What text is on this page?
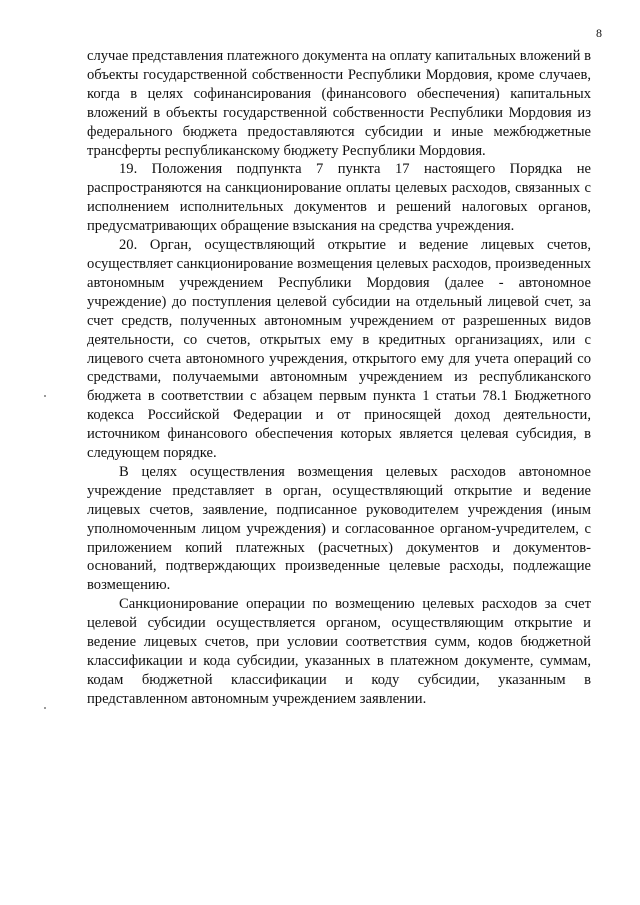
8

случае представления платежного документа на оплату капитальных вложений в объекты государственной собственности Республики Мордовия, кроме случаев, когда в целях софинансирования (финансового обеспечения) капитальных вложений в объекты государственной собственности Республики Мордовия из федерального бюджета предоставляются субсидии и иные межбюджетные трансферты республиканскому бюджету Республики Мордовия.

19. Положения подпункта 7 пункта 17 настоящего Порядка не распространяются на санкционирование оплаты целевых расходов, связанных с исполнением исполнительных документов и решений налоговых органов, предусматривающих обращение взыскания на средства учреждения.

20. Орган, осуществляющий открытие и ведение лицевых счетов, осуществляет санкционирование возмещения целевых расходов, произведенных автономным учреждением Республики Мордовия (далее - автономное учреждение) до поступления целевой субсидии на отдельный лицевой счет, за счет средств, полученных автономным учреждением от разрешенных видов деятельности, со счетов, открытых ему в кредитных организациях, или с лицевого счета автономного учреждения, открытого ему для учета операций со средствами, получаемыми автономным учреждением из республиканского бюджета в соответствии с абзацем первым пункта 1 статьи 78.1 Бюджетного кодекса Российской Федерации и от приносящей доход деятельности, источником финансового обеспечения которых является целевая субсидия, в следующем порядке.

В целях осуществления возмещения целевых расходов автономное учреждение представляет в орган, осуществляющий открытие и ведение лицевых счетов, заявление, подписанное руководителем учреждения (иным уполномоченным лицом учреждения) и согласованное органом-учредителем, с приложением копий платежных (расчетных) документов и документов-оснований, подтверждающих произведенные целевые расходы, подлежащие возмещению.

Санкционирование операции по возмещению целевых расходов за счет целевой субсидии осуществляется органом, осуществляющим открытие и ведение лицевых счетов, при условии соответствия сумм, кодов бюджетной классификации и кода субсидии, указанных в платежном документе, суммам, кодам бюджетной классификации и коду субсидии, указанным в представленном автономным учреждением заявлении.
